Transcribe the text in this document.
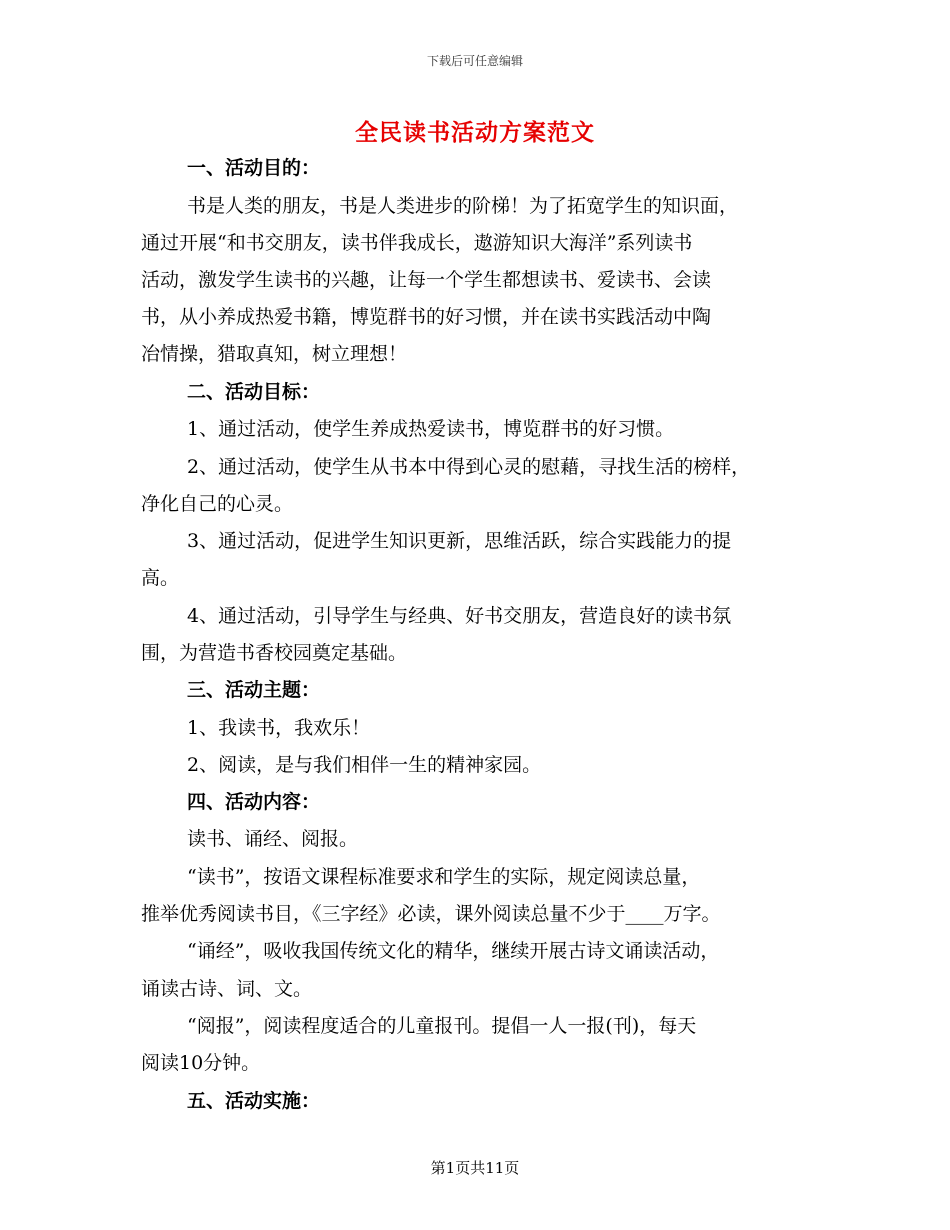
下载后可任意编辑
全民读书活动方案范文
一、活动目的：
书是人类的朋友，书是人类进步的阶梯！为了拓宽学生的知识面，
通过开展“和书交朋友，读书伴我成长，遨游知识大海洋”系列读书
活动，激发学生读书的兴趣，让每一个学生都想读书、爱读书、会读
书，从小养成热爱书籍，博览群书的好习惯，并在读书实践活动中陶
冶情操，猎取真知，树立理想！
二、活动目标：
1、通过活动，使学生养成热爱读书，博览群书的好习惯。
2、通过活动，使学生从书本中得到心灵的慰藉，寻找生活的榜样，
净化自己的心灵。
3、通过活动，促进学生知识更新，思维活跃，综合实践能力的提
高。
4、通过活动，引导学生与经典、好书交朋友，营造良好的读书氛
围，为营造书香校园奠定基础。
三、活动主题：
1、我读书，我欢乐！
2、阅读，是与我们相伴一生的精神家园。
四、活动内容：
读书、诵经、阅报。
“读书”，按语文课程标准要求和学生的实际，规定阅读总量，
推举优秀阅读书目，《三字经》必读，课外阅读总量不少于____万字。
“诵经”，吸收我国传统文化的精华，继续开展古诗文诵读活动，
诵读古诗、词、文。
“阅报”，阅读程度适合的儿童报刊。提倡一人一报(刊)，每天
阅读10分钟。
五、活动实施：
第1页共11页
